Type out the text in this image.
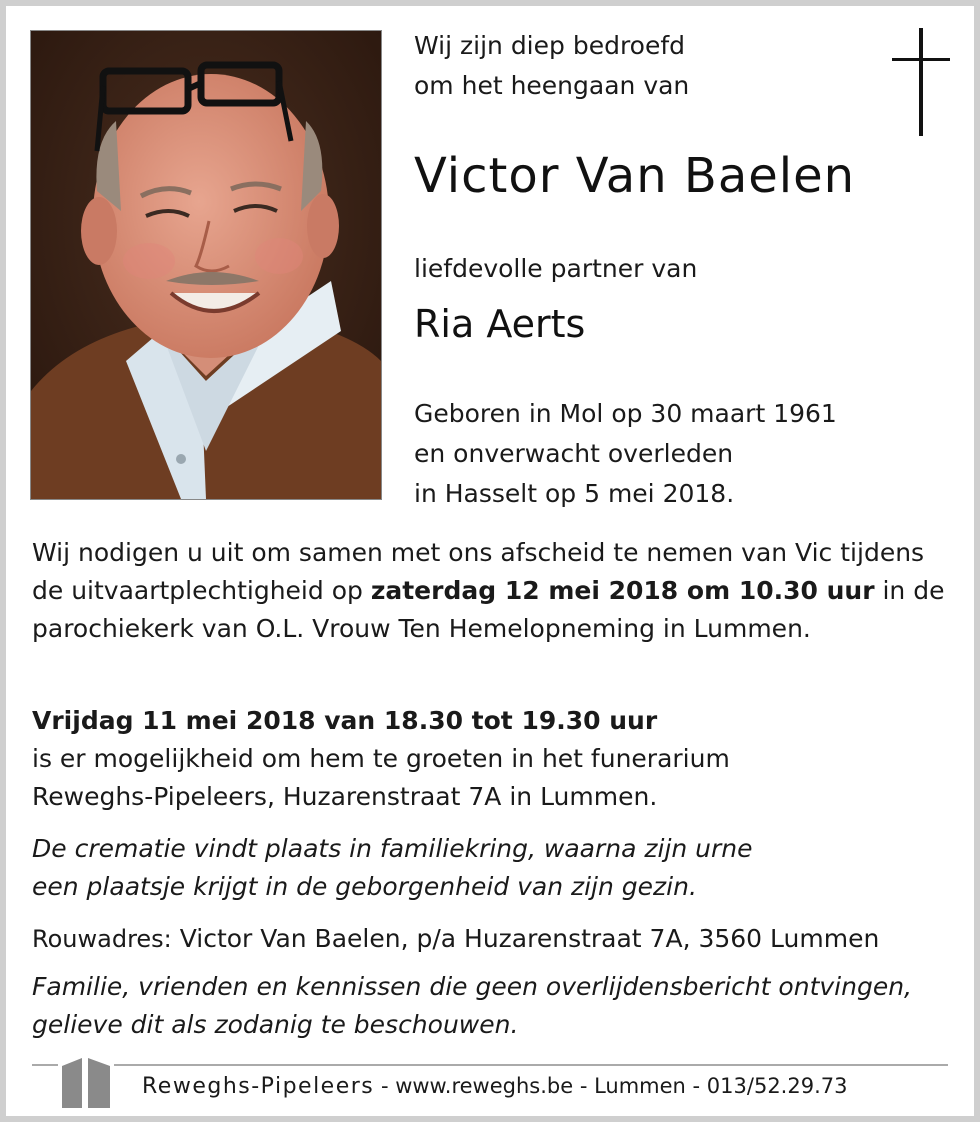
Wij zijn diep bedroefd
om het heengaan van
Victor Van Baelen
liefdevolle partner van
Ria Aerts
Geboren in Mol op 30 maart 1961
en onverwacht overleden
in Hasselt op 5 mei 2018.
Wij nodigen u uit om samen met ons afscheid te nemen van Vic tijdens de uitvaartplechtigheid op zaterdag 12 mei 2018 om 10.30 uur in de parochiekerk van O.L. Vrouw Ten Hemelopneming in Lummen.
Vrijdag 11 mei 2018 van 18.30 tot 19.30 uur
is er mogelijkheid om hem te groeten in het funerarium
Reweghs-Pipeleers, Huzarenstraat 7A in Lummen.
De crematie vindt plaats in familiekring, waarna zijn urne
een plaatsje krijgt in de geborgenheid van zijn gezin.
Rouwadres: Victor Van Baelen, p/a Huzarenstraat 7A, 3560 Lummen
Familie, vrienden en kennissen die geen overlijdensbericht ontvingen,
gelieve dit als zodanig te beschouwen.
Reweghs-Pipeleers - www.reweghs.be - Lummen - 013/52.29.73
